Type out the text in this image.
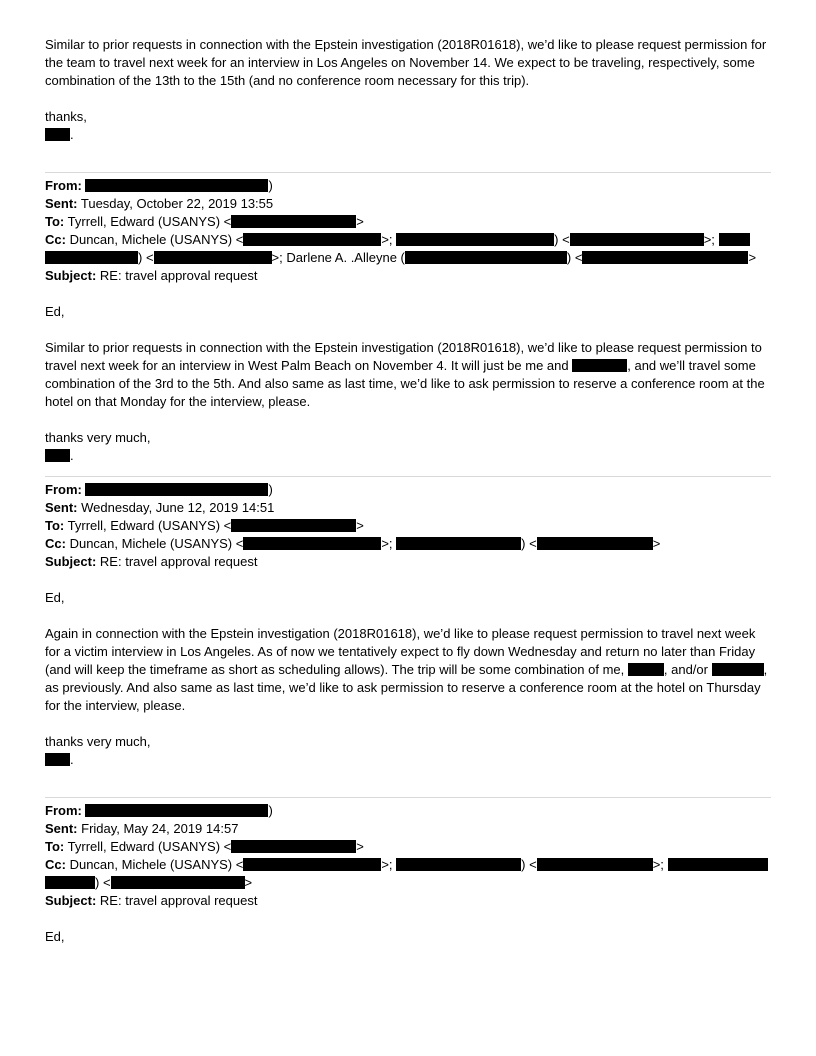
Similar to prior requests in connection with the Epstein investigation (2018R01618), we’d like to please request permission for the team to travel next week for an interview in Los Angeles on November 14. We expect to be traveling, respectively, some combination of the 13th to the 15th (and no conference room necessary for this trip).

thanks,

.

From:	)

Sent: Tuesday, October 22, 2019 13:55

To: Tyrrell, Edward (USANYS) <	>

Cc: Duncan, Michele (USANYS) <	>;	) <	>;

) <	>; Darlene A. .Alleyne (	) <	>

Subject: RE: travel approval request

Ed,

Similar to prior requests in connection with the Epstein investigation (2018R01618), we’d like to please request permission to travel next week for an interview in West Palm Beach on November 4. It will just be me and	, and we’ll travel some combination of the 3rd to the 5th. And also same as last time, we’d like to ask permission to reserve a conference room at the hotel on that Monday for the interview, please.

thanks very much,

.

From:	)

Sent: Wednesday, June 12, 2019 14:51

To: Tyrrell, Edward (USANYS) <	>

Cc: Duncan, Michele (USANYS) <	>;	) <	>

Subject: RE: travel approval request

Ed,

Again in connection with the Epstein investigation (2018R01618), we’d like to please request permission to travel next week for a victim interview in Los Angeles. As of now we tentatively expect to fly down Wednesday and return no later than Friday (and will keep the timeframe as short as scheduling allows). The trip will be some combination of me,	, and/or	, as previously. And also same as last time, we’d like to ask permission to reserve a conference room at the hotel on Thursday for the interview, please.

thanks very much,

.

From:	)

Sent: Friday, May 24, 2019 14:57

To: Tyrrell, Edward (USANYS) <	>

Cc: Duncan, Michele (USANYS) <	>;	) <	>;

) <	>

Subject: RE: travel approval request

Ed,
